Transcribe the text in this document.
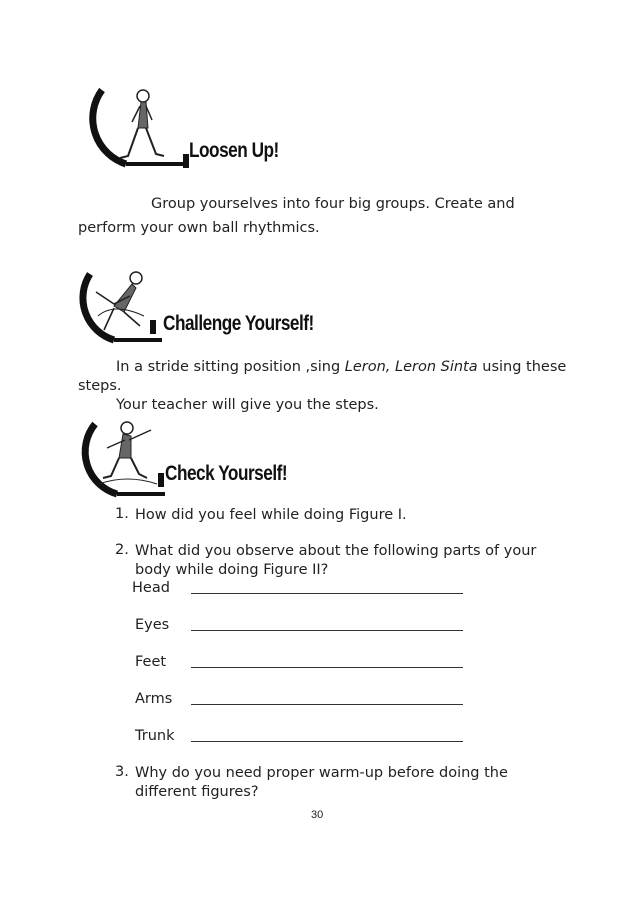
Loosen Up!
Group yourselves into four big groups. Create and
perform your own ball rhythmics.
Challenge Yourself!
In a stride sitting position ,sing Leron, Leron Sinta using these
steps.
Your teacher will give you the steps.
Check Yourself!
1. How did you feel while doing Figure I.
2. What did you observe about the following parts of your
body while doing Figure II?
Head
Eyes
Feet
Arms
Trunk
3. Why do you need proper warm-up before doing the
different figures?
30
